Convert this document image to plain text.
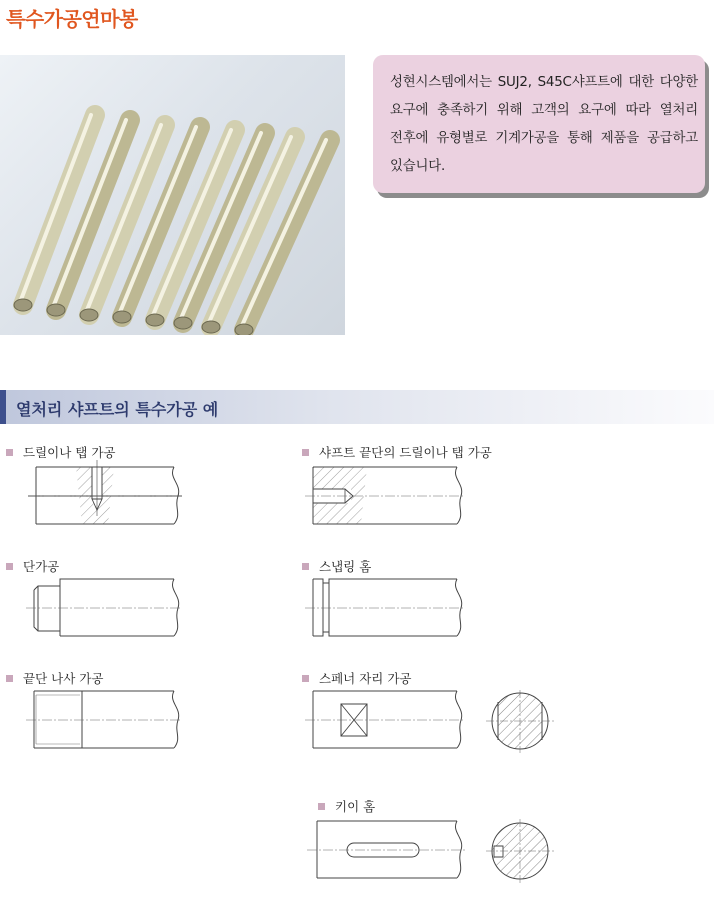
특수가공연마봉
성현시스템에서는 SUJ2, S45C샤프트에 대한 다양한 요구에 충족하기 위해 고객의 요구에 따라 열처리 전후에 유형별로 기계가공을 통해 제품을 공급하고 있습니다.
열처리 샤프트의 특수가공 예
드릴이나 탭 가공	샤프트 끝단의 드릴이나 탭 가공
단가공	스냅링 홈
끝단 나사 가공	스페너 자리 가공
키이 홈
